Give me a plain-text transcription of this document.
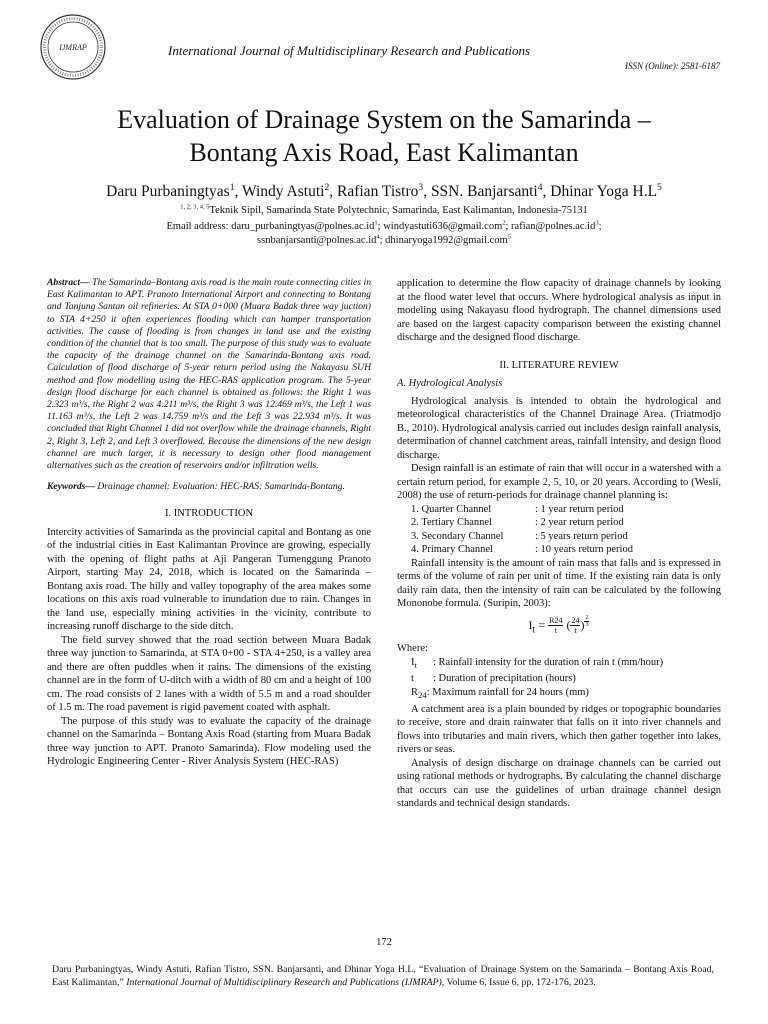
IJMRAP	International Journal of Multidisciplinary Research and Publications
ISSN (Online): 2581-6187
Evaluation of Drainage System on the Samarinda –
Bontang Axis Road, East Kalimantan
Daru Purbaningtyas$^1$, Windy Astuti$^2$, Rafian Tistro$^3$, SSN. Banjarsanti$^4$, Dhinar Yoga $H.L^5$
$^{1, 2, 3, 4, 5}$Teknik Sipil, Samarinda State Polytechnic, Samarinda, East Kalimantan, Indonesia-75131
Email address: $daru\_purbaningtyas@polnes.ac.id^1$; windyastuti636@gmail.com$^2$; $rafian@polnes.ac.id^3$;
$ssnbanjarsanti@polnes.ac.id^4$; dhinaryoga1992@gmail.com$^5$
Abstract— The Samarinda–Bontang axis road is the main route connecting cities in East Kalimantan to APT. Pranoto International Airport and connecting to Bontang and Tanjung Santan oil refineries. At STA 0+000 (Muara Badak three way juction) to STA 4+250 it often experiences flooding which can hamper transportation activities. The cause of flooding is from changes in land use and the existing condition of the channel that is too small. The purpose of this study was to evaluate the capacity of the drainage channel on the Samarinda-Bontang axis road. Calculation of flood discharge of 5-year return period using the Nakayasu SUH method and flow modelling using the HEC-RAS application program. The 5-year design flood discharge for each channel is obtained as follows: the Right 1 was 2.323 m³/s, the Right 2 was 4.211 m³/s, the Right 3 was 12.469 m³/s, the Left 1 was 11.163 m³/s, the Left 2 was 14.759 m³/s and the Left 3 was 22.934 m³/s. It was concluded that Right Channel 1 did not overflow while the drainage channels, Right 2, Right 3, Left 2, and Left 3 overflowed. Because the dimensions of the new design channel are much larger, it is necessary to design other flood management alternatives such as the creation of reservoirs and/or infiltration wells.
Keywords— Drainage channel: Evaluation: HEC-RAS: Samarinda-Bontang.
I. INTRODUCTION

Intercity activities of Samarinda as the provincial capital and Bontang as one of the industrial cities in East Kalimantan Province are growing, especially with the opening of flight paths at Aji Pangeran Tumenggung Pranoto Airport, starting May 24, 2018, which is located on the Samarinda – Bontang axis road. The hilly and valley topography of the area makes some locations on this axis road vulnerable to inundation due to rain. Changes in the land use, especially mining activities in the vicinity, contribute to increasing runoff discharge to the side ditch.

The field survey showed that the road section between Muara Badak three way junction to Samarinda, at STA 0+00 - STA 4+250, is a valley area and there are often puddles when it rains. The dimensions of the existing channel are in the form of U-ditch with a width of 80 cm and a height of 100 cm. The road consists of 2 lanes with a width of 5.5 m and a road shoulder of 1.5 m. The road pavement is rigid pavement coated with asphalt.

The purpose of this study was to evaluate the capacity of the drainage channel on the Samarinda – Bontang Axis Road (starting from Muara Badak three way junction to APT. Pranoto Samarinda). Flow modeling used the Hydrologic Engineering Center - River Analysis System (HEC-RAS)

application to determine the flow capacity of drainage channels by looking at the flood water level that occurs. Where hydrological analysis as input in modeling using Nakayasu flood hydrograph. The channel dimensions used are based on the largest capacity comparison between the existing channel discharge and the designed flood discharge.

II. LITERATURE REVIEW
A. Hydrological Analysis

Hydrological analysis is intended to obtain the hydrological and meteorological characteristics of the Channel Drainage Area. (Triatmodjo B., 2010). Hydrological analysis carried out includes design rainfall analysis, determination of channel catchment areas, rainfall intensity, and design flood discharge.

Design rainfall is an estimate of rain that will occur in a watershed with a certain return period, for example 2, 5, 10, or 20 years. According to (Wesli, 2008) the use of return-periods for drainage channel planning is:

1. Quarter Channel	: 1 year return period
2. Tertiary Channel	: 2 year return period
3. Secondary Channel	: 5 years return period
4. Primary Channel	: 10 years return period

Rainfall intensity is the amount of rain mass that falls and is expressed in terms of the volume of rain per unit of time. If the existing rain data is only daily rain data, then the intensity of rain can be calculated by the following Mononobe formula. (Suripin, 2003):

$I_t = \frac{R24}{t}$ ( $\frac{24}{t}$ ) $^{\frac{2}{3}}$
Where:
$I_t$	: Rainfall intensity for the duration of rain t (mm/hour)
t	: Duration of precipitation (hours)
$R_{24}$ : Maximum rainfall for 24 hours (mm)

A catchment area is a plain bounded by ridges or topographic boundaries to receive, store and drain rainwater that falls on it into river channels and flows into tributaries and main rivers, which then gather together into lakes, rivers or seas.

Analysis of design discharge on drainage channels can be carried out using rational methods or hydrographs. By calculating the channel discharge that occurs can use the guidelines of urban drainage channel design standards and technical design standards.

172
Daru Purbaningtyas, Windy Astuti, Rafian Tistro, SSN. Banjarsanti, and Dhinar Yoga H.L, “Evaluation of Drainage System on the Samarinda – Bontang Axis Road, East Kalimantan,” International Journal of Multidisciplinary Research and Publications (IJMRAP), Volume 6, Issue 6, pp. 172-176, 2023.
